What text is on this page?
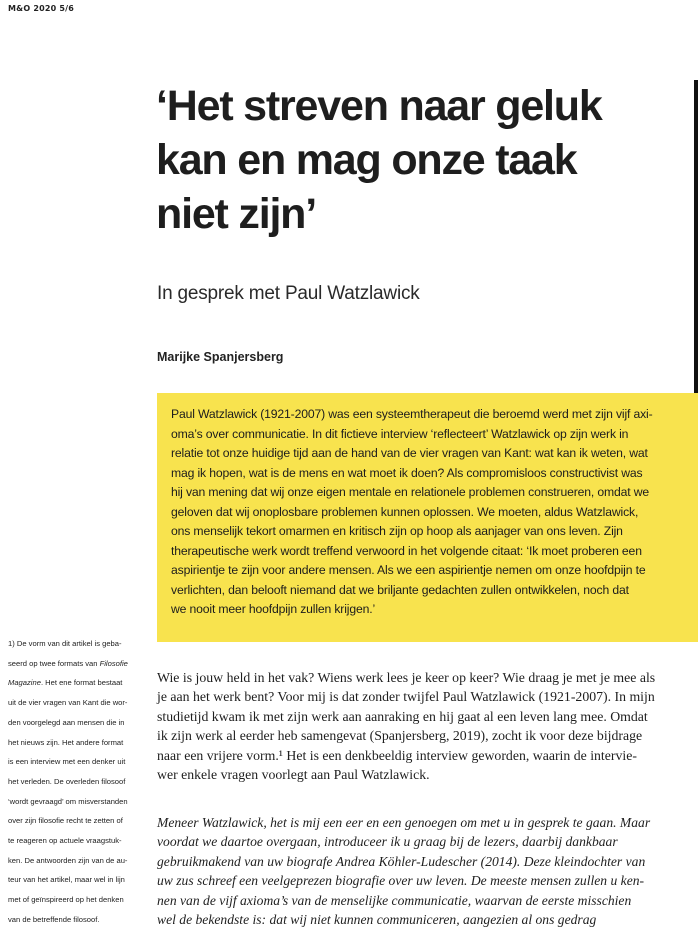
M&O 2020 5/6
‘Het streven naar geluk
kan en mag onze taak
niet zijn’
In gesprek met Paul Watzlawick
Marijke Spanjersberg
Paul Watzlawick (1921-2007) was een systeemtherapeut die beroemd werd met zijn vijf axi-
oma’s over communicatie. In dit fictieve interview ‘reflecteert’ Watzlawick op zijn werk in
relatie tot onze huidige tijd aan de hand van de vier vragen van Kant: wat kan ik weten, wat
mag ik hopen, wat is de mens en wat moet ik doen? Als compromisloos constructivist was
hij van mening dat wij onze eigen mentale en relationele problemen construeren, omdat we
geloven dat wij onoplosbare problemen kunnen oplossen. We moeten, aldus Watzlawick,
ons menselijk tekort omarmen en kritisch zijn op hoop als aanjager van ons leven. Zijn
therapeutische werk wordt treffend verwoord in het volgende citaat: ‘Ik moet proberen een
aspirientje te zijn voor andere mensen. Als we een aspirientje nemen om onze hoofdpijn te
verlichten, dan belooft niemand dat we briljante gedachten zullen ontwikkelen, noch dat
we nooit meer hoofdpijn zullen krijgen.’
1) De vorm van dit artikel is geba-
seerd op twee formats van Filosofie
Magazine. Het ene format bestaat
uit de vier vragen van Kant die wor-
den voorgelegd aan mensen die in
het nieuws zijn. Het andere format
is een interview met een denker uit
het verleden. De overleden filosoof
‘wordt gevraagd’ om misverstanden
over zijn filosofie recht te zetten of
te reageren op actuele vraagstuk-
ken. De antwoorden zijn van de au-
teur van het artikel, maar wel in lijn
met of geïnspireerd op het denken
van de betreffende filosoof.
Wie is jouw held in het vak? Wiens werk lees je keer op keer? Wie draag je met je mee als
je aan het werk bent? Voor mij is dat zonder twijfel Paul Watzlawick (1921-2007). In mijn
studietijd kwam ik met zijn werk aan aanraking en hij gaat al een leven lang mee. Omdat
ik zijn werk al eerder heb samengevat (Spanjersberg, 2019), zocht ik voor deze bijdrage
naar een vrijere vorm.¹ Het is een denkbeeldig interview geworden, waarin de intervie-
wer enkele vragen voorlegt aan Paul Watzlawick.
Meneer Watzlawick, het is mij een eer en een genoegen om met u in gesprek te gaan. Maar
voordat we daartoe overgaan, introduceer ik u graag bij de lezers, daarbij dankbaar
gebruikmakend van uw biografe Andrea Köhler-Ludescher (2014). Deze kleindochter van
uw zus schreef een veelgeprezen biografie over uw leven. De meeste mensen zullen u ken-
nen van de vijf axioma’s van de menselijke communicatie, waarvan de eerste misschien
wel de bekendste is: dat wij niet kunnen communiceren, aangezien al ons gedrag
